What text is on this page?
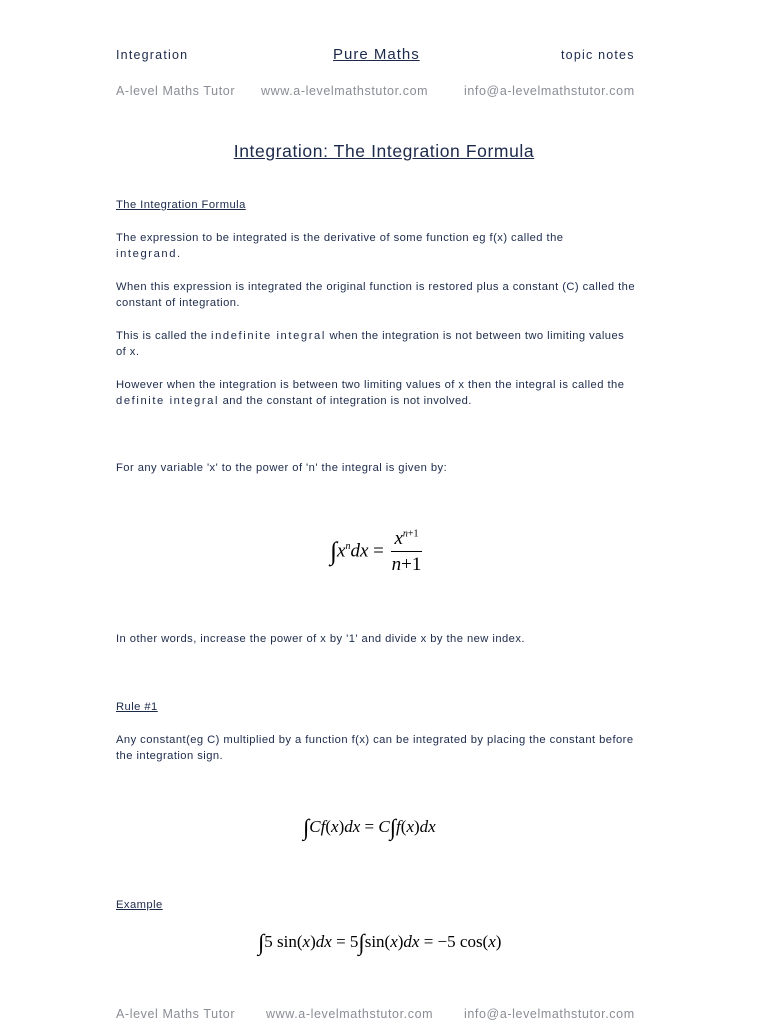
Integration	Pure Maths	topic notes
A-level Maths Tutor www.a-levelmathstutor.com	info@a-levelmathstutor.com
Integration: The Integration Formula
The Integration Formula
The expression to be integrated is the derivative of some function eg f(x) called the
integrand.
When this expression is integrated the original function is restored plus a constant (C) called the constant of integration.
This is called the indefinite integral when the integration is not between two limiting values of x.
However when the integration is between two limiting values of x then the integral is called the definite integral and the constant of integration is not involved.
For any variable 'x' to the power of 'n' the integral is given by:
$\int x^ndx = \frac{x^{n+1}}{n+1}$
In other words, increase the power of x by '1' and divide x by the new index.
Rule #1
Any constant(eg C) multiplied by a function f(x) can be integrated by placing the constant before the integration sign.
∫Cf(x)dx = C∫f(x)dx
Example
∫5 sin(x)dx = 5∫sin(x)dx = −5 cos(x)
A-level Maths Tutor www.a-levelmathstutor.com info@a-levelmathstutor.com
